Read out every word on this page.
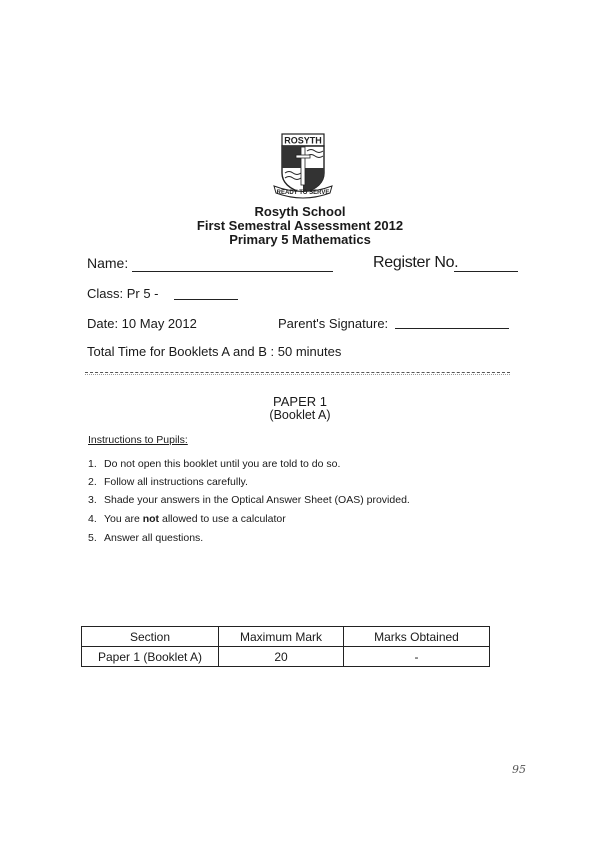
ROSYTH
READY TO SERVE
Rosyth School
First Semestral Assessment 2012
Primary 5 Mathematics
Name:	Register No.
Class: Pr 5 -
Date: 10 May 2012	Parent's Signature:
Total Time for Booklets A and B : 50 minutes
PAPER 1
(Booklet A)
Instructions to Pupils:
1. Do not open this booklet until you are told to do so.
2. Follow all instructions carefully.
3. Shade your answers in the Optical Answer Sheet (OAS) provided.
4. You are not allowed to use a calculator
5. Answer all questions.
Section	Maximum Mark	Marks Obtained
Paper 1 (Booklet A)	20	-
95
